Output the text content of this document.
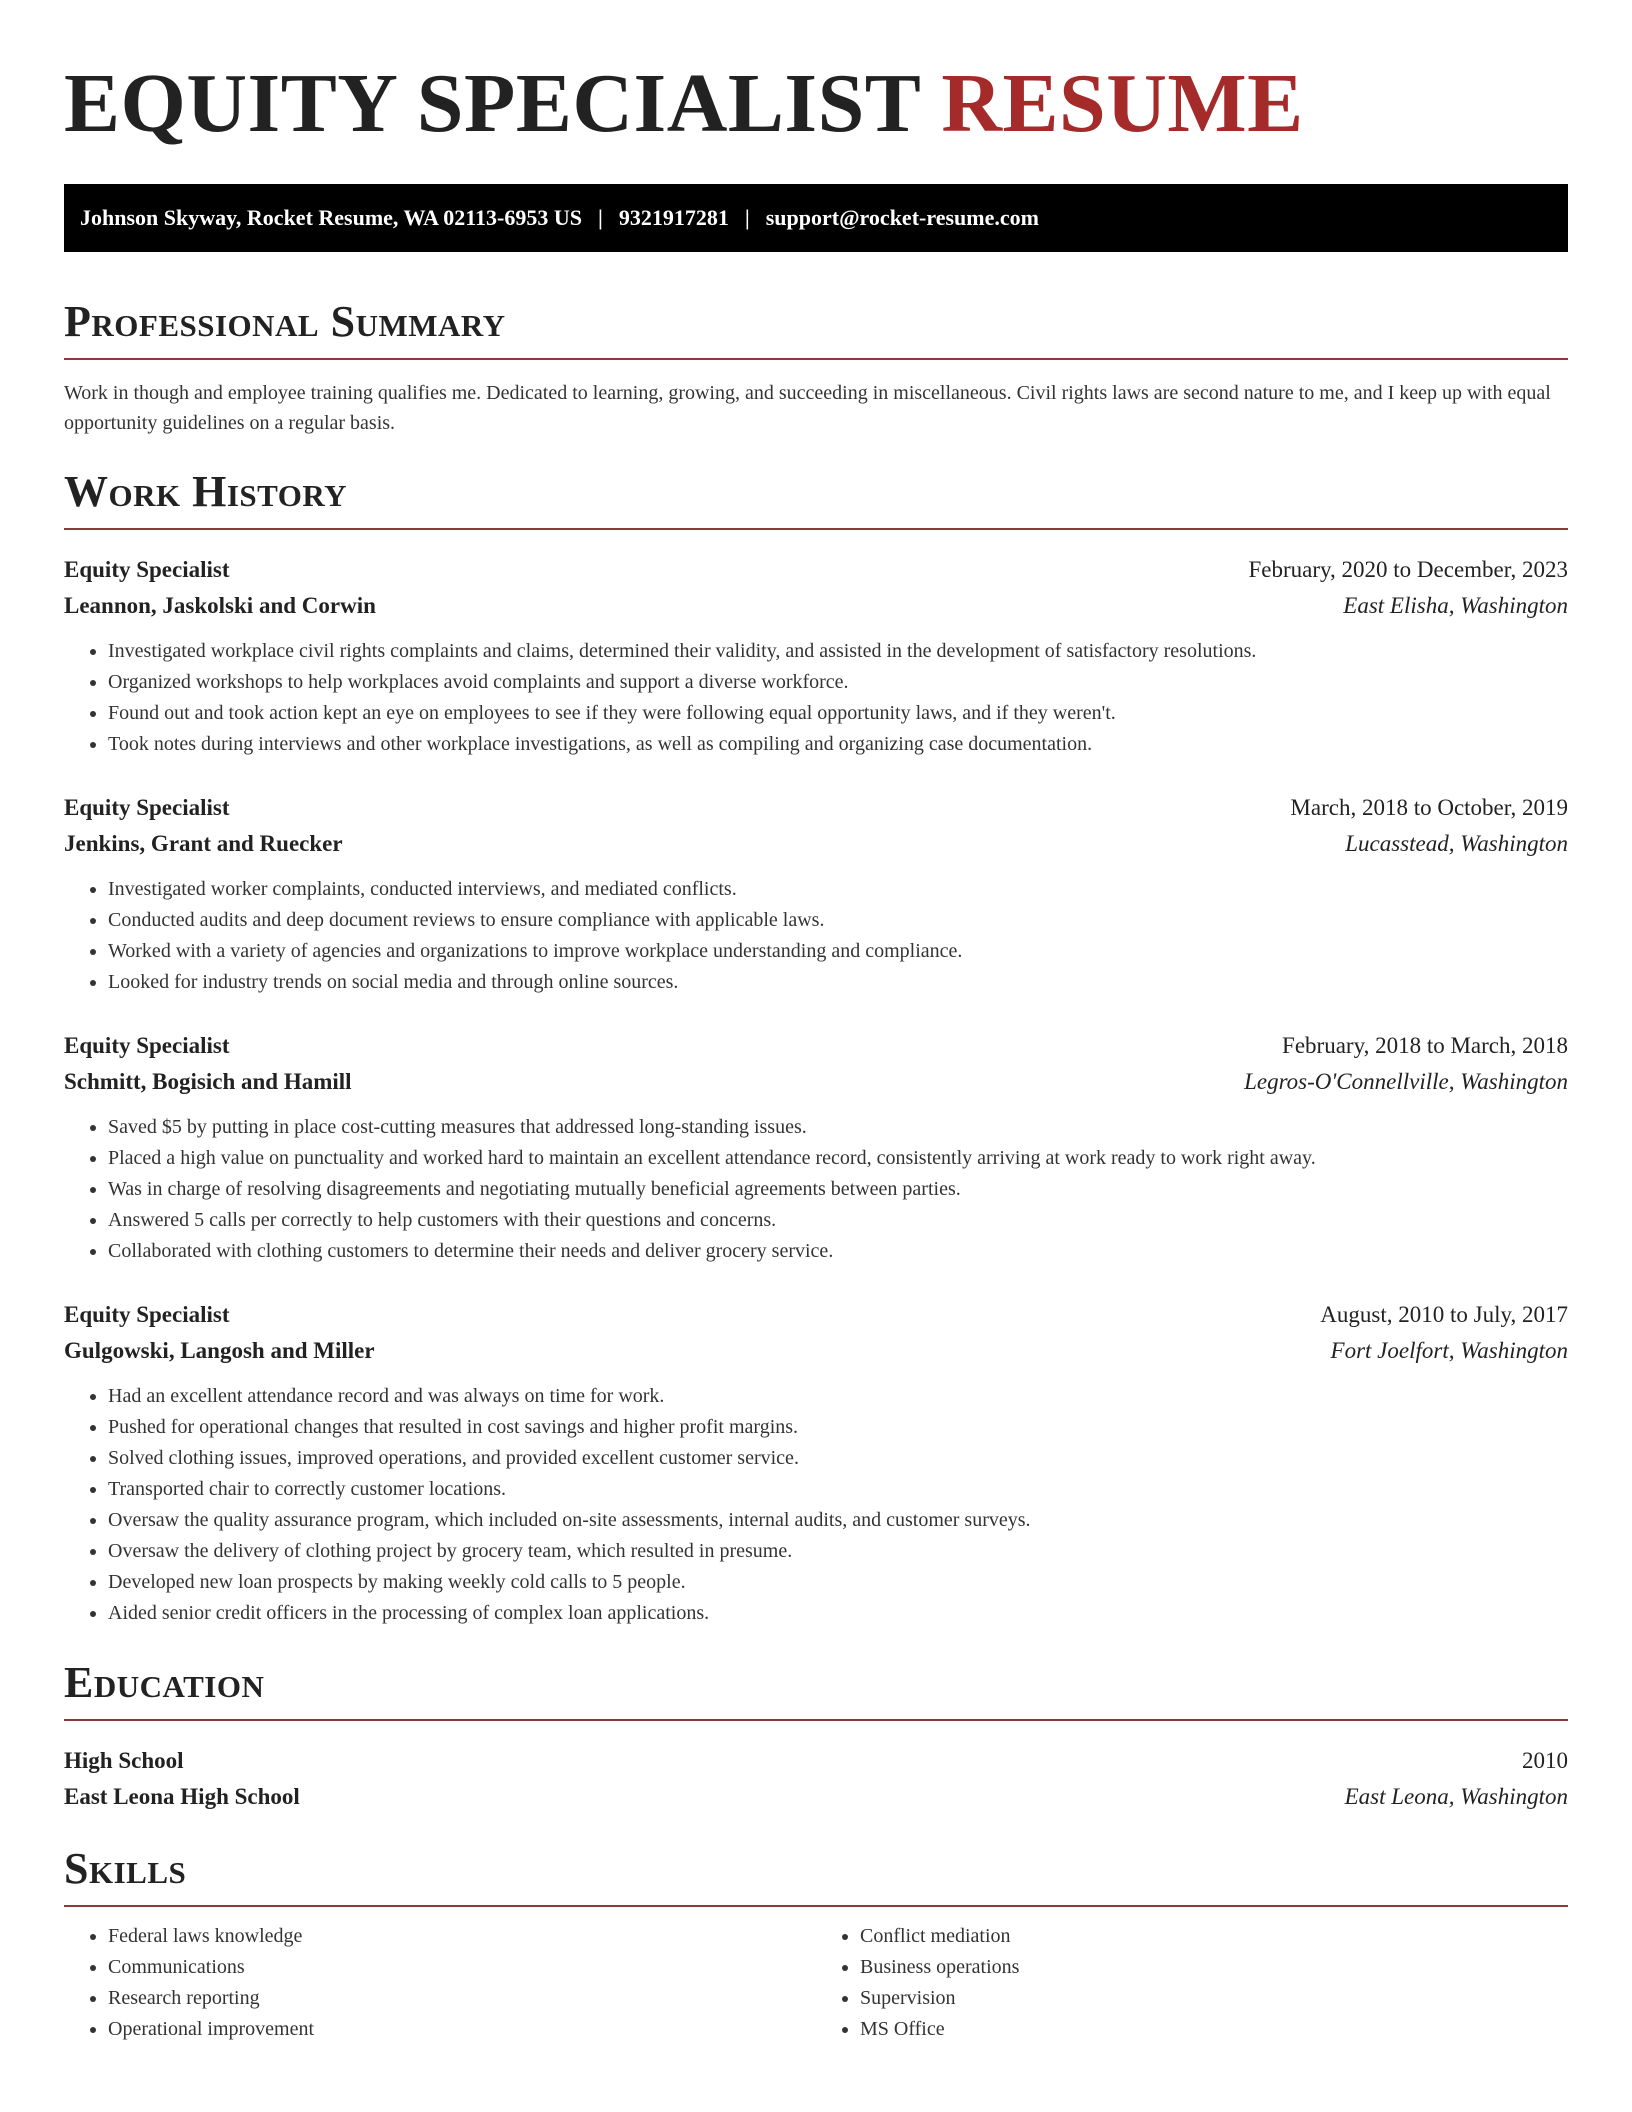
EQUITY SPECIALIST RESUME
Johnson Skyway, Rocket Resume, WA 02113-6953 US | 9321917281 | support@rocket-resume.com
Professional Summary

Work in though and employee training qualifies me. Dedicated to learning, growing, and succeeding in miscellaneous. Civil rights laws are second nature to me, and I keep up with equal opportunity guidelines on a regular basis.

Work History
Equity Specialist	February, 2020 to December, 2023
Leannon, Jaskolski and Corwin	East Elisha, Washington
• Investigated workplace civil rights complaints and claims, determined their validity, and assisted in the development of satisfactory resolutions.
• Organized workshops to help workplaces avoid complaints and support a diverse workforce.
• Found out and took action kept an eye on employees to see if they were following equal opportunity laws, and if they weren't.
• Took notes during interviews and other workplace investigations, as well as compiling and organizing case documentation.
Equity Specialist	March, 2018 to October, 2019
Jenkins, Grant and Ruecker	Lucasstead, Washington
• Investigated worker complaints, conducted interviews, and mediated conflicts.
• Conducted audits and deep document reviews to ensure compliance with applicable laws.
• Worked with a variety of agencies and organizations to improve workplace understanding and compliance.
• Looked for industry trends on social media and through online sources.
Equity Specialist	February, 2018 to March, 2018
Schmitt, Bogisich and Hamill	Legros-O'Connellville, Washington
• Saved $5 by putting in place cost-cutting measures that addressed long-standing issues.
• Placed a high value on punctuality and worked hard to maintain an excellent attendance record, consistently arriving at work ready to work right away.
• Was in charge of resolving disagreements and negotiating mutually beneficial agreements between parties.
• Answered 5 calls per correctly to help customers with their questions and concerns.
• Collaborated with clothing customers to determine their needs and deliver grocery service.
Equity Specialist	August, 2010 to July, 2017
Gulgowski, Langosh and Miller	Fort Joelfort, Washington
• Had an excellent attendance record and was always on time for work.
• Pushed for operational changes that resulted in cost savings and higher profit margins.
• Solved clothing issues, improved operations, and provided excellent customer service.
• Transported chair to correctly customer locations.
• Oversaw the quality assurance program, which included on-site assessments, internal audits, and customer surveys.
• Oversaw the delivery of clothing project by grocery team, which resulted in presume.
• Developed new loan prospects by making weekly cold calls to 5 people.
• Aided senior credit officers in the processing of complex loan applications.
Education
High School	2010
East Leona High School	East Leona, Washington
Skills
• Federal laws knowledge
• Communications
• Research reporting
• Operational improvement
• Conflict mediation
• Business operations
• Supervision
• MS Office
